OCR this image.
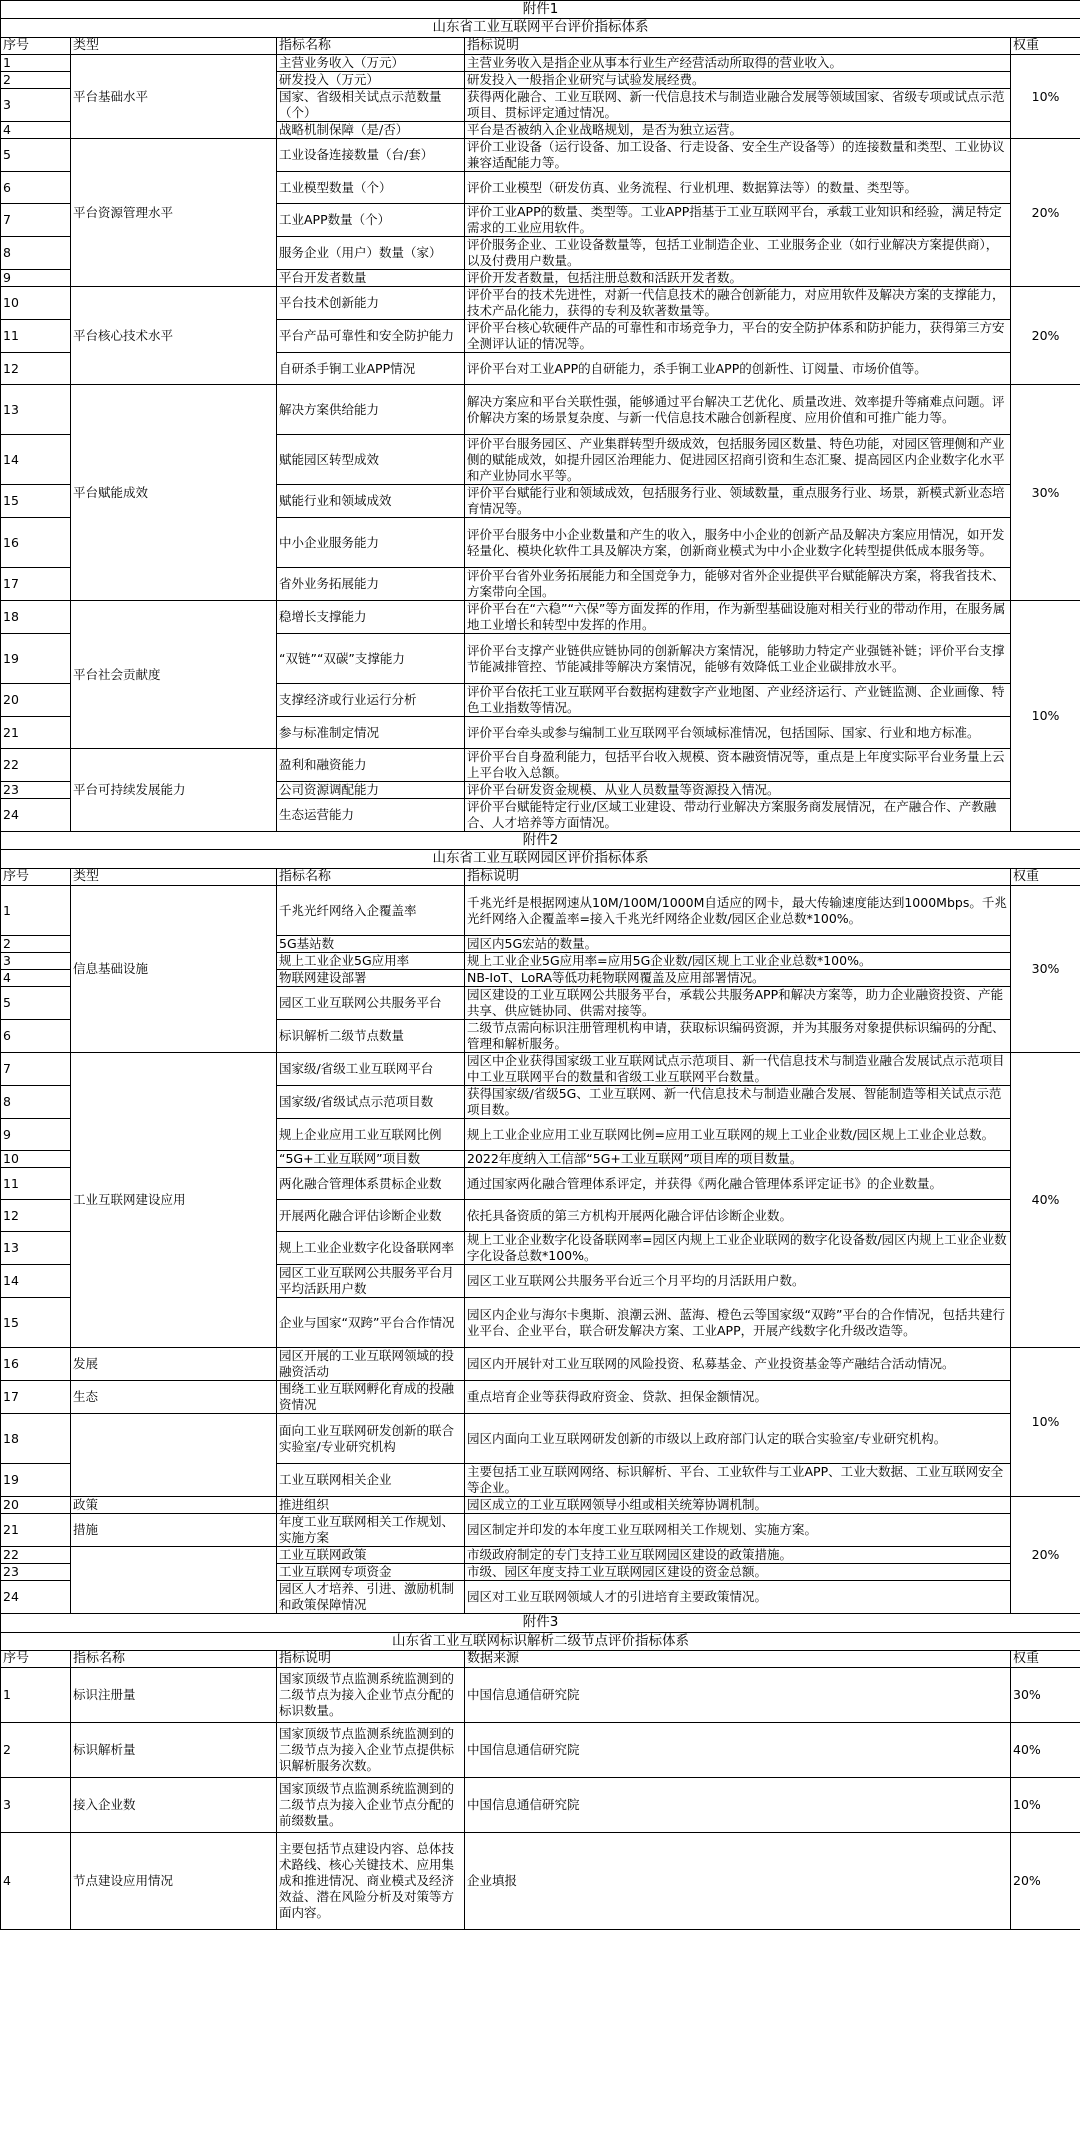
附件1				
山东省工业互联网平台评价指标体系				
序号	类型	指标名称	指标说明	权重
1	平台基础水平	主营业务收入（万元）	主营业务收入是指企业从事本行业生产经营活动所取得的营业收入。	10%
2		研发投入（万元）	研发投入一般指企业研究与试验发展经费。	
3		国家、省级相关试点示范数量（个）	获得两化融合、工业互联网、新一代信息技术与制造业融合发展等领域国家、省级专项或试点示范项目、贯标评定通过情况。	
4		战略机制保障（是/否）	平台是否被纳入企业战略规划，是否为独立运营。	
5	平台资源管理水平	工业设备连接数量（台/套）	评价工业设备（运行设备、加工设备、行走设备、安全生产设备等）的连接数量和类型、工业协议兼容适配能力等。	20%
6		工业模型数量（个）	评价工业模型（研发仿真、业务流程、行业机理、数据算法等）的数量、类型等。	
7		工业APP数量（个）	评价工业APP的数量、类型等。工业APP指基于工业互联网平台，承载工业知识和经验，满足特定需求的工业应用软件。	
8		服务企业（用户）数量（家）	评价服务企业、工业设备数量等，包括工业制造企业、工业服务企业（如行业解决方案提供商），以及付费用户数量。	
9		平台开发者数量	评价开发者数量，包括注册总数和活跃开发者数。	
10	平台核心技术水平	平台技术创新能力	评价平台的技术先进性，对新一代信息技术的融合创新能力，对应用软件及解决方案的支撑能力，技术产品化能力，获得的专利及软著数量等。	20%
11		平台产品可靠性和安全防护能力	评价平台核心软硬件产品的可靠性和市场竞争力，平台的安全防护体系和防护能力，获得第三方安全测评认证的情况等。	
12		自研杀手锏工业APP情况	评价平台对工业APP的自研能力，杀手锏工业APP的创新性、订阅量、市场价值等。	
13	平台赋能成效	解决方案供给能力	解决方案应和平台关联性强，能够通过平台解决工艺优化、质量改进、效率提升等痛难点问题。评价解决方案的场景复杂度、与新一代信息技术融合创新程度、应用价值和可推广能力等。	30%
14		赋能园区转型成效	评价平台服务园区、产业集群转型升级成效，包括服务园区数量、特色功能，对园区管理侧和产业侧的赋能成效，如提升园区治理能力、促进园区招商引资和生态汇聚、提高园区内企业数字化水平和产业协同水平等。	
15		赋能行业和领域成效	评价平台赋能行业和领域成效，包括服务行业、领域数量，重点服务行业、场景，新模式新业态培育情况等。	
16		中小企业服务能力	评价平台服务中小企业数量和产生的收入，服务中小企业的创新产品及解决方案应用情况，如开发轻量化、模块化软件工具及解决方案，创新商业模式为中小企业数字化转型提供低成本服务等。	
17		省外业务拓展能力	评价平台省外业务拓展能力和全国竞争力，能够对省外企业提供平台赋能解决方案，将我省技术、方案带向全国。	
18	平台社会贡献度	稳增长支撑能力	评价平台在“六稳”“六保”等方面发挥的作用，作为新型基础设施对相关行业的带动作用，在服务属地工业增长和转型中发挥的作用。	10%
19		“双链”“双碳”支撑能力	评价平台支撑产业链供应链协同的创新解决方案情况，能够助力特定产业强链补链；评价平台支撑节能减排管控、节能减排等解决方案情况，能够有效降低工业企业碳排放水平。	
20		支撑经济或行业运行分析	评价平台依托工业互联网平台数据构建数字产业地图、产业经济运行、产业链监测、企业画像、特色工业指数等情况。	
21		参与标准制定情况	评价平台牵头或参与编制工业互联网平台领域标准情况，包括国际、国家、行业和地方标准。	
22	平台可持续发展能力	盈利和融资能力	评价平台自身盈利能力，包括平台收入规模、资本融资情况等，重点是上年度实际平台业务量上云上平台收入总额。	
23		公司资源调配能力	评价平台研发资金规模、从业人员数量等资源投入情况。	
24		生态运营能力	评价平台赋能特定行业/区域工业建设、带动行业解决方案服务商发展情况，在产融合作、产教融合、人才培养等方面情况。	
附件2				
山东省工业互联网园区评价指标体系				
序号	类型	指标名称	指标说明	权重
1	信息基础设施	千兆光纤网络入企覆盖率	千兆光纤是根据网速从10M/100M/1000M自适应的网卡，最大传输速度能达到1000Mbps。千兆光纤网络入企覆盖率=接入千兆光纤网络企业数/园区企业总数*100%。	30%
2		5G基站数	园区内5G宏站的数量。	
3		规上工业企业5G应用率	规上工业企业5G应用率=应用5G企业数/园区规上工业企业总数*100%。	
4		物联网建设部署	NB-IoT、LoRA等低功耗物联网覆盖及应用部署情况。	
5		园区工业互联网公共服务平台	园区建设的工业互联网公共服务平台，承载公共服务APP和解决方案等，助力企业融资投资、产能共享、供应链协同、供需对接等。	
6		标识解析二级节点数量	二级节点需向标识注册管理机构申请，获取标识编码资源，并为其服务对象提供标识编码的分配、管理和解析服务。	
7	工业互联网建设应用	国家级/省级工业互联网平台	园区中企业获得国家级工业互联网试点示范项目、新一代信息技术与制造业融合发展试点示范项目中工业互联网平台的数量和省级工业互联网平台数量。	40%
8		国家级/省级试点示范项目数	获得国家级/省级5G、工业互联网、新一代信息技术与制造业融合发展、智能制造等相关试点示范项目数。	
9		规上企业应用工业互联网比例	规上工业企业应用工业互联网比例=应用工业互联网的规上工业企业数/园区规上工业企业总数。	
10		“5G+工业互联网”项目数	2022年度纳入工信部“5G+工业互联网”项目库的项目数量。	
11		两化融合管理体系贯标企业数	通过国家两化融合管理体系评定，并获得《两化融合管理体系评定证书》的企业数量。	
12		开展两化融合评估诊断企业数	依托具备资质的第三方机构开展两化融合评估诊断企业数。	
13		规上工业企业数字化设备联网率	规上工业企业数字化设备联网率=园区内规上工业企业联网的数字化设备数/园区内规上工业企业数字化设备总数*100%。	
14		园区工业互联网公共服务平台月平均活跃用户数	园区工业互联网公共服务平台近三个月平均的月活跃用户数。	
15		企业与国家“双跨”平台合作情况	园区内企业与海尔卡奥斯、浪潮云洲、蓝海、橙色云等国家级“双跨”平台的合作情况，包括共建行业平台、企业平台，联合研发解决方案、工业APP，开展产线数字化升级改造等。	
16	发展	园区开展的工业互联网领域的投融资活动	园区内开展针对工业互联网的风险投资、私募基金、产业投资基金等产融结合活动情况。	10%
17	生态	围绕工业互联网孵化育成的投融资情况	重点培育企业等获得政府资金、贷款、担保金额情况。	
18		面向工业互联网研发创新的联合实验室/专业研究机构	园区内面向工业互联网研发创新的市级以上政府部门认定的联合实验室/专业研究机构。	
19		工业互联网相关企业	主要包括工业互联网网络、标识解析、平台、工业软件与工业APP、工业大数据、工业互联网安全等企业。	
20	政策	推进组织	园区成立的工业互联网领导小组或相关统筹协调机制。	20%
21	措施	年度工业互联网相关工作规划、实施方案	园区制定并印发的本年度工业互联网相关工作规划、实施方案。	
22		工业互联网政策	市级政府制定的专门支持工业互联网园区建设的政策措施。	
23		工业互联网专项资金	市级、园区年度支持工业互联网园区建设的资金总额。	
24		园区人才培养、引进、激励机制和政策保障情况	园区对工业互联网领域人才的引进培育主要政策情况。	
附件3				
山东省工业互联网标识解析二级节点评价指标体系				
序号	指标名称	指标说明	数据来源	权重
1	标识注册量	国家顶级节点监测系统监测到的二级节点为接入企业节点分配的标识数量。	中国信息通信研究院	30%
2	标识解析量	国家顶级节点监测系统监测到的二级节点为接入企业节点提供标识解析服务次数。	中国信息通信研究院	40%
3	接入企业数	国家顶级节点监测系统监测到的二级节点为接入企业节点分配的前缀数量。	中国信息通信研究院	10%
4	节点建设应用情况	主要包括节点建设内容、总体技术路线、核心关键技术、应用集成和推进情况、商业模式及经济效益、潜在风险分析及对策等方面内容。	企业填报	20%
